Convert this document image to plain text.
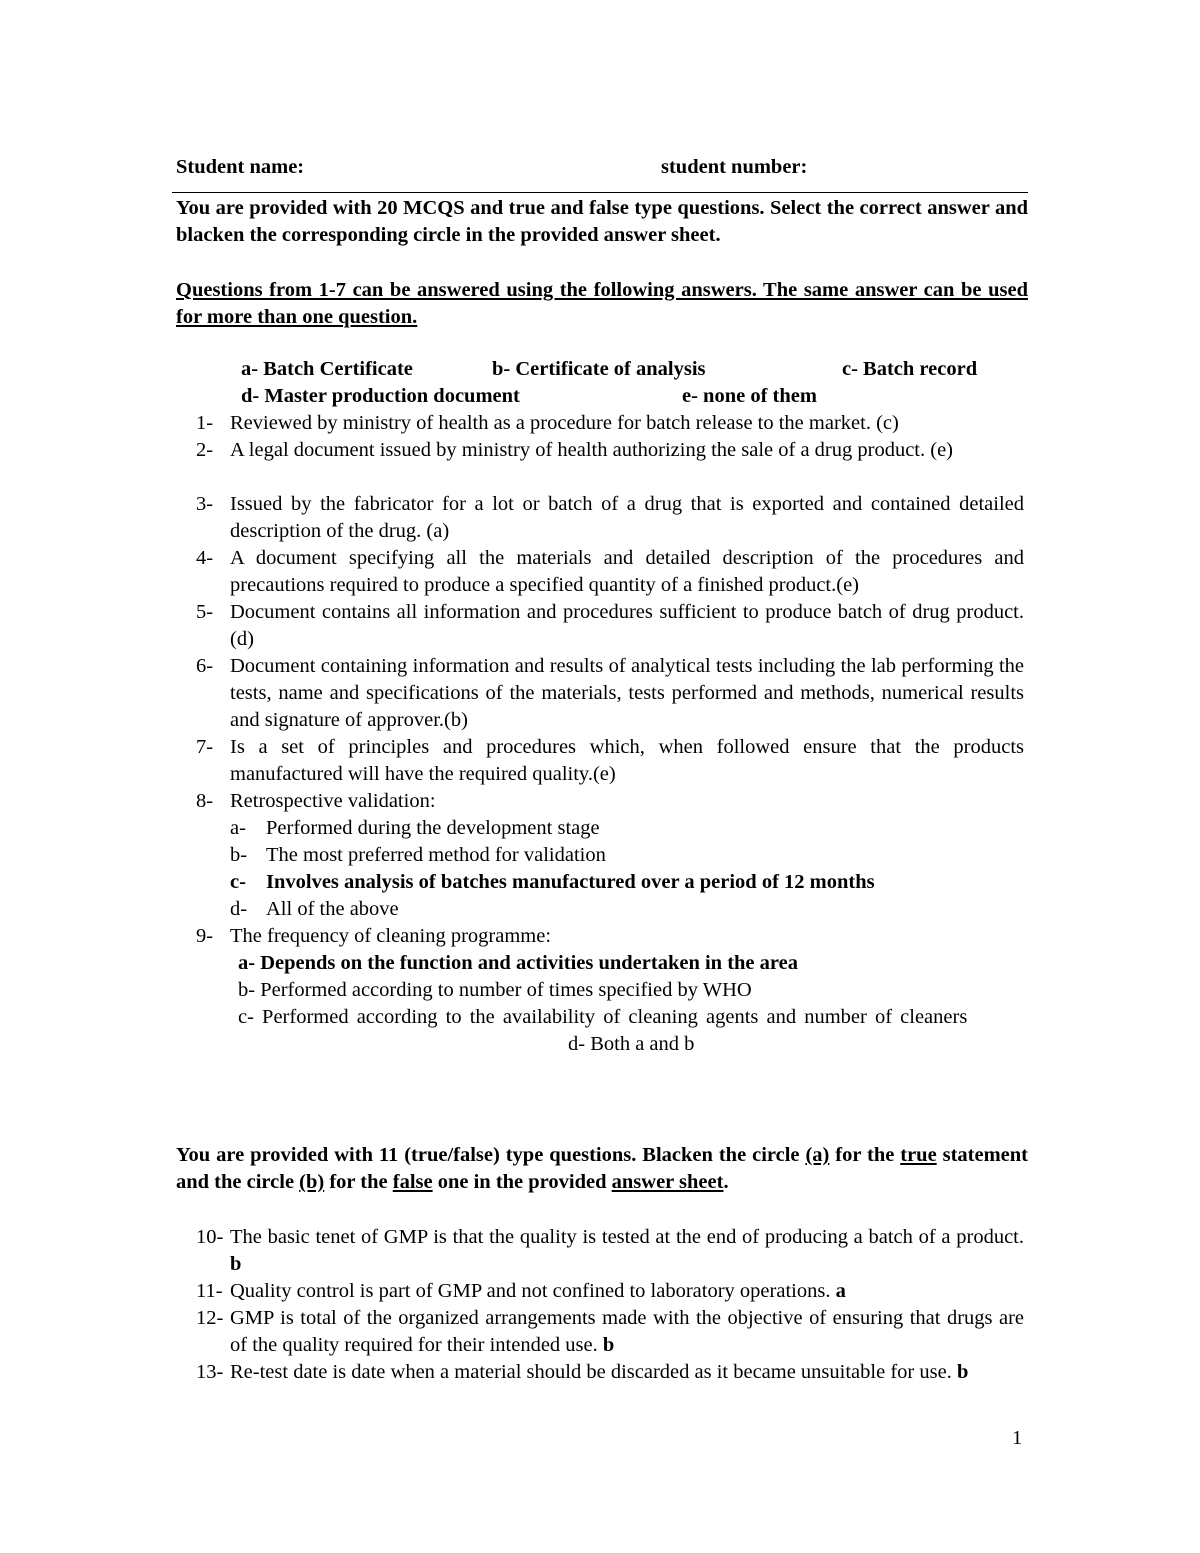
Student name:	student number:
You are provided with 20 MCQS and true and false type questions. Select the correct answer and blacken the corresponding circle in the provided answer sheet.
Questions from 1-7 can be answered using the following answers. The same answer can be used for more than one question.
a- Batch Certificate	b- Certificate of analysis	c- Batch record
d- Master production document	e- none of them
1- Reviewed by ministry of health as a procedure for batch release to the market. (c)
2- A legal document issued by ministry of health authorizing the sale of a drug product. (e)
3- Issued by the fabricator for a lot or batch of a drug that is exported and contained detailed description of the drug. (a)
4- A document specifying all the materials and detailed description of the procedures and precautions required to produce a specified quantity of a finished product.(e)
5- Document contains all information and procedures sufficient to produce batch of drug product. (d)
6- Document containing information and results of analytical tests including the lab performing the tests, name and specifications of the materials, tests performed and methods, numerical results and signature of approver.(b)
7- Is a set of principles and procedures which, when followed ensure that the products manufactured will have the required quality.(e)
8- Retrospective validation:
a- Performed during the development stage
b- The most preferred method for validation
c- Involves analysis of batches manufactured over a period of 12 months
d- All of the above
9- The frequency of cleaning programme:
a- Depends on the function and activities undertaken in the area
b- Performed according to number of times specified by WHO
c- Performed according to the availability of cleaning agents and number of cleaners
d- Both a and b
You are provided with 11 (true/false) type questions. Blacken the circle (a) for the true statement and the circle (b) for the false one in the provided answer sheet.
10- The basic tenet of GMP is that the quality is tested at the end of producing a batch of a product. b
11- Quality control is part of GMP and not confined to laboratory operations. a
12- GMP is total of the organized arrangements made with the objective of ensuring that drugs are of the quality required for their intended use. b
13- Re-test date is date when a material should be discarded as it became unsuitable for use. b
1
